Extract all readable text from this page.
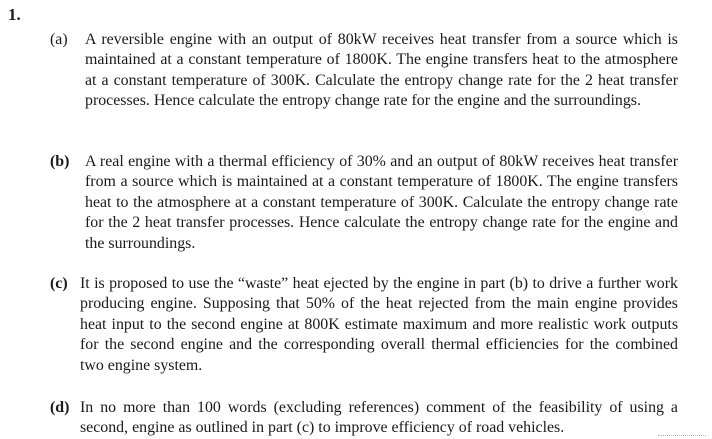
1.
(a) A reversible engine with an output of 80kW receives heat transfer from a source which is maintained at a constant temperature of 1800K. The engine transfers heat to the atmosphere at a constant temperature of 300K. Calculate the entropy change rate for the 2 heat transfer processes. Hence calculate the entropy change rate for the engine and the surroundings.
(b) A real engine with a thermal efficiency of 30% and an output of 80kW receives heat transfer from a source which is maintained at a constant temperature of 1800K. The engine transfers heat to the atmosphere at a constant temperature of 300K. Calculate the entropy change rate for the 2 heat transfer processes. Hence calculate the entropy change rate for the engine and the surroundings.
(c) It is proposed to use the “waste” heat ejected by the engine in part (b) to drive a further work producing engine. Supposing that 50% of the heat rejected from the main engine provides heat input to the second engine at 800K estimate maximum and more realistic work outputs for the second engine and the corresponding overall thermal efficiencies for the combined two engine system.
(d) In no more than 100 words (excluding references) comment of the feasibility of using a second, engine as outlined in part (c) to improve efficiency of road vehicles.
